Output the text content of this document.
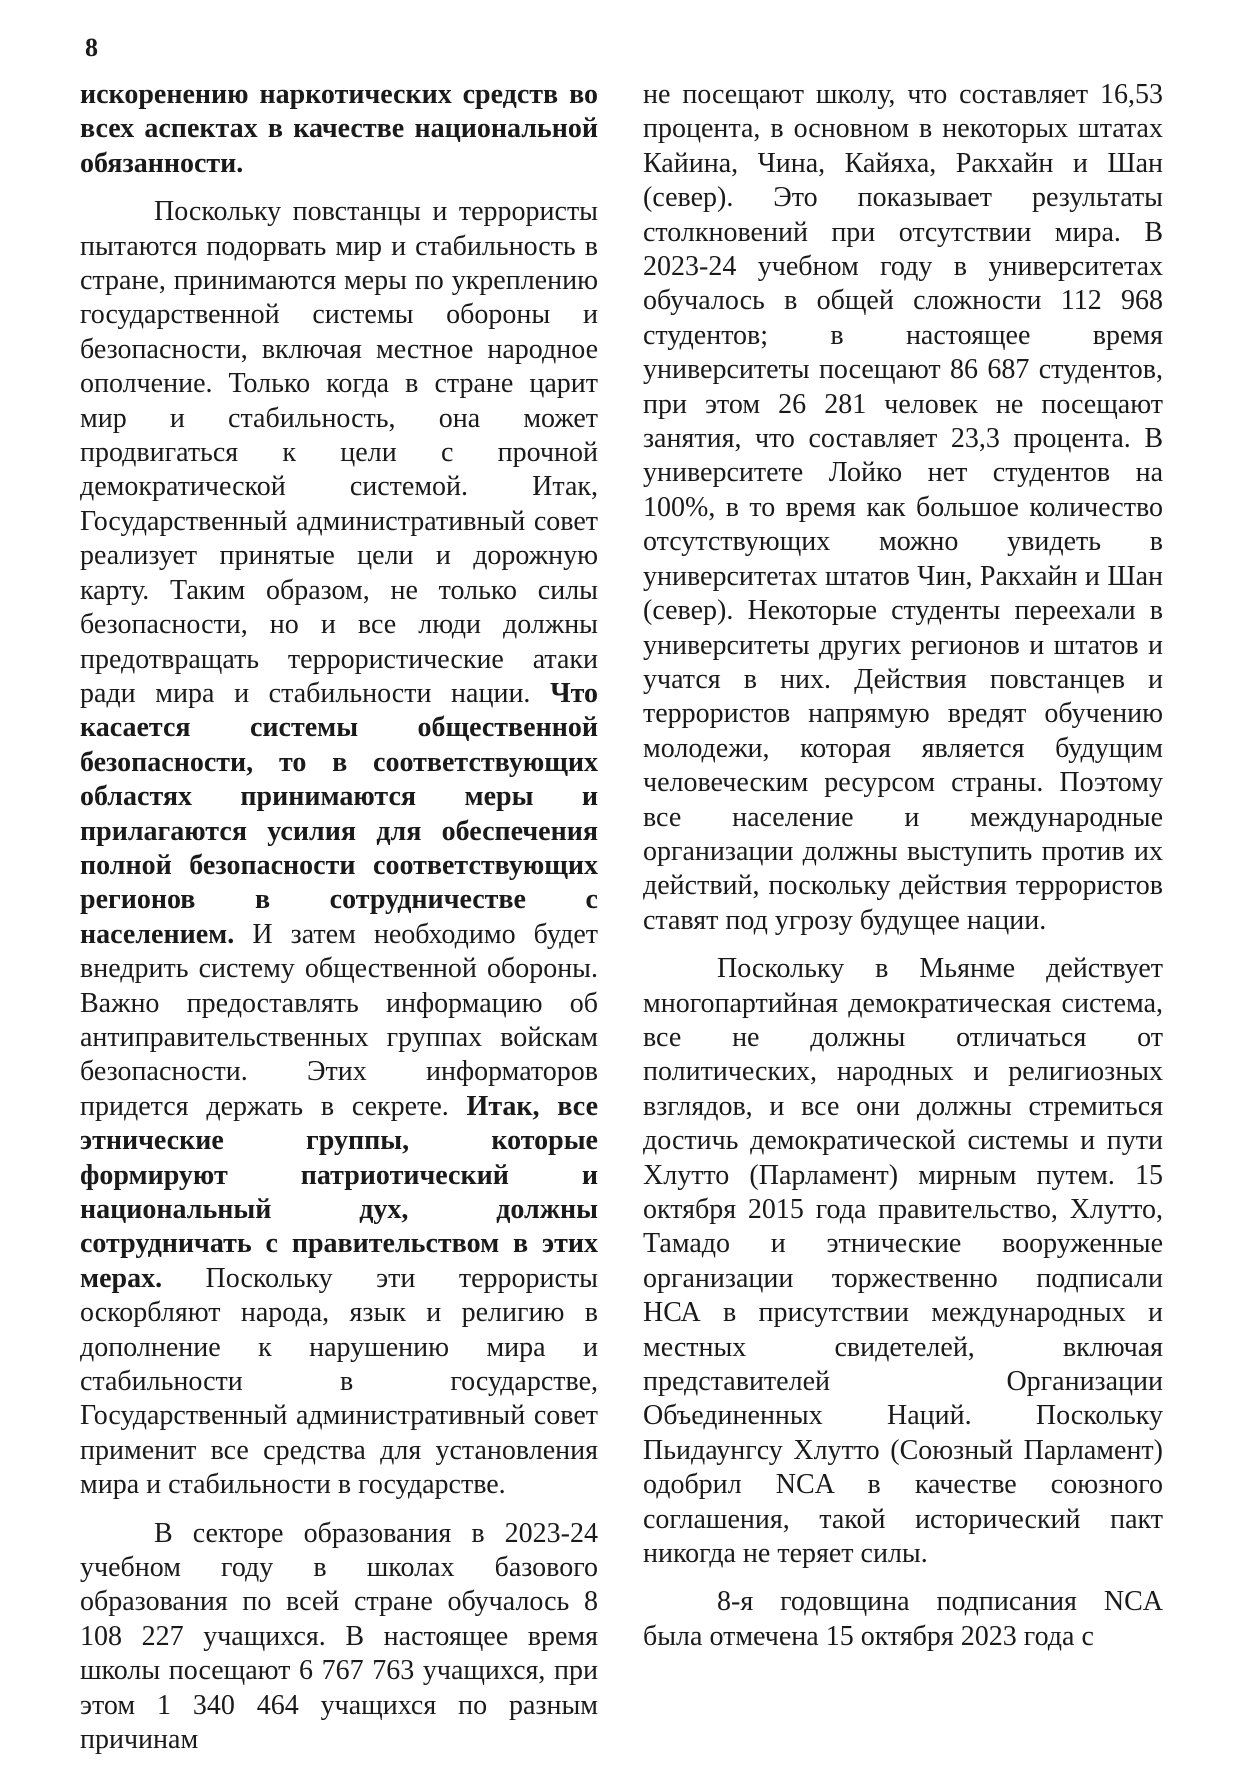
8

искоренению наркотических средств во всех аспектах в качестве национальной обязанности.

Поскольку повстанцы и террористы пытаются подорвать мир и стабильность в стране, принимаются меры по укреплению государственной системы обороны и безопасности, включая местное народное ополчение. Только когда в стране царит мир и стабильность, она может продвигаться к цели с прочной демократической системой. Итак, Государственный административный совет реализует принятые цели и дорожную карту. Таким образом, не только силы безопасности, но и все люди должны предотвращать террористические атаки ради мира и стабильности нации. Что касается системы общественной безопасности, то в соответствующих областях принимаются меры и прилагаются усилия для обеспечения полной безопасности соответствующих регионов в сотрудничестве с населением. И затем необходимо будет внедрить систему общественной обороны. Важно предоставлять информацию об антиправительственных группах войскам безопасности. Этих информаторов придется держать в секрете. Итак, все этнические группы, которые формируют патриотический и национальный дух, должны сотрудничать с правительством в этих мерах. Поскольку эти террористы оскорбляют народа, язык и религию в дополнение к нарушению мира и стабильности в государстве, Государственный административный совет применит все средства для установления мира и стабильности в государстве.

В секторе образования в 2023-24 учебном году в школах базового образования по всей стране обучалось 8 108 227 учащихся. В настоящее время школы посещают 6 767 763 учащихся, при этом 1 340 464 учащихся по разным причинам

не посещают школу, что составляет 16,53 процента, в основном в некоторых штатах Кайина, Чина, Кайяха, Ракхайн и Шан (север). Это показывает результаты столкновений при отсутствии мира. В 2023-24 учебном году в университетах обучалось в общей сложности 112 968 студентов; в настоящее время университеты посещают 86 687 студентов, при этом 26 281 человек не посещают занятия, что составляет 23,3 процента. В университете Лойко нет студентов на 100%, в то время как большое количество отсутствующих можно увидеть в университетах штатов Чин, Ракхайн и Шан (север). Некоторые студенты переехали в университеты других регионов и штатов и учатся в них. Действия повстанцев и террористов напрямую вредят обучению молодежи, которая является будущим человеческим ресурсом страны. Поэтому все население и международные организации должны выступить против их действий, поскольку действия террористов ставят под угрозу будущее нации.

Поскольку в Мьянме действует многопартийная демократическая система, все не должны отличаться от политических, народных и религиозных взглядов, и все они должны стремиться достичь демократической системы и пути Хлутто (Парламент) мирным путем. 15 октября 2015 года правительство, Хлутто, Тамадо и этнические вооруженные организации торжественно подписали НСА в присутствии международных и местных свидетелей, включая представителей Организации Объединенных Наций. Поскольку Пьидаунгсу Хлутто (Союзный Парламент) одобрил NCA в качестве союзного соглашения, такой исторический пакт никогда не теряет силы.

8-я годовщина подписания NCA была отмечена 15 октября 2023 года с
